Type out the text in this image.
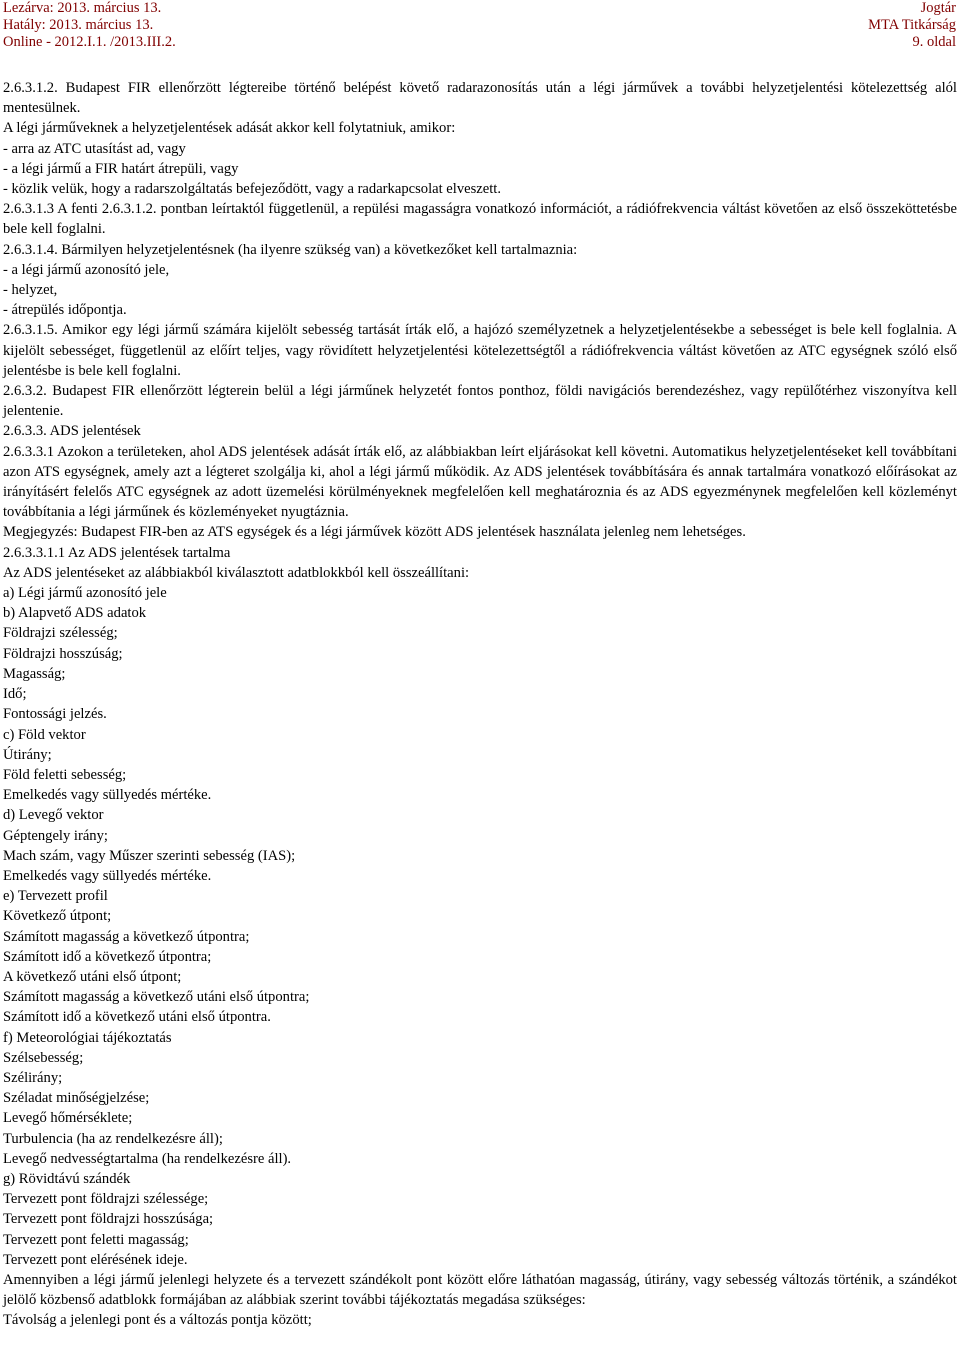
Lezárva: 2013. március 13.
Hatály: 2013. március 13.
Online - 2012.I.1. /2013.III.2.
Jogtár
MTA Titkárság
9. oldal

2.6.3.1.2. Budapest FIR ellenőrzött légtereibe történő belépést követő radarazonosítás után a légi járművek a további helyzetjelentési kötelezettség alól mentesülnek.

A légi járműveknek a helyzetjelentések adását akkor kell folytatniuk, amikor:

- arra az ATC utasítást ad, vagy

- a légi jármű a FIR határt átrepüli, vagy

- közlik velük, hogy a radarszolgáltatás befejeződött, vagy a radarkapcsolat elveszett.

2.6.3.1.3 A fenti 2.6.3.1.2. pontban leírtaktól függetlenül, a repülési magasságra vonatkozó információt, a rádiófrekvencia váltást követően az első összeköttetésbe bele kell foglalni.

2.6.3.1.4. Bármilyen helyzetjelentésnek (ha ilyenre szükség van) a következőket kell tartalmaznia:

- a légi jármű azonosító jele,

- helyzet,

- átrepülés időpontja.

2.6.3.1.5. Amikor egy légi jármű számára kijelölt sebesség tartását írták elő, a hajózó személyzetnek a helyzetjelentésekbe a sebességet is bele kell foglalnia. A kijelölt sebességet, függetlenül az előírt teljes, vagy rövidített helyzetjelentési kötelezettségtől a rádiófrekvencia váltást követően az ATC egységnek szóló első jelentésbe is bele kell foglalni.

2.6.3.2. Budapest FIR ellenőrzött légterein belül a légi járműnek helyzetét fontos ponthoz, földi navigációs berendezéshez, vagy repülőtérhez viszonyítva kell jelentenie.

2.6.3.3. ADS jelentések

2.6.3.3.1 Azokon a területeken, ahol ADS jelentések adását írták elő, az alábbiakban leírt eljárásokat kell követni. Automatikus helyzetjelentéseket kell továbbítani azon ATS egységnek, amely azt a légteret szolgálja ki, ahol a légi jármű működik. Az ADS jelentések továbbítására és annak tartalmára vonatkozó előírásokat az irányításért felelős ATC egységnek az adott üzemelési körülményeknek megfelelően kell meghatároznia és az ADS egyezménynek megfelelően kell közleményt továbbítania a légi járműnek és közleményeket nyugtáznia.

Megjegyzés: Budapest FIR-ben az ATS egységek és a légi járművek között ADS jelentések használata jelenleg nem lehetséges.

2.6.3.3.1.1 Az ADS jelentések tartalma

Az ADS jelentéseket az alábbiakból kiválasztott adatblokkból kell összeállítani:

a) Légi jármű azonosító jele

b) Alapvető ADS adatok

Földrajzi szélesség;

Földrajzi hosszúság;

Magasság;

Idő;

Fontossági jelzés.

c) Föld vektor

Útirány;

Föld feletti sebesség;

Emelkedés vagy süllyedés mértéke.

d) Levegő vektor

Géptengely irány;

Mach szám, vagy Műszer szerinti sebesség (IAS);

Emelkedés vagy süllyedés mértéke.

e) Tervezett profil

Következő útpont;

Számított magasság a következő útpontra;

Számított idő a következő útpontra;

A következő utáni első útpont;

Számított magasság a következő utáni első útpontra;

Számított idő a következő utáni első útpontra.

f) Meteorológiai tájékoztatás

Szélsebesség;

Szélirány;

Széladat minőségjelzése;

Levegő hőmérséklete;

Turbulencia (ha az rendelkezésre áll);

Levegő nedvességtartalma (ha rendelkezésre áll).

g) Rövidtávú szándék

Tervezett pont földrajzi szélessége;

Tervezett pont földrajzi hosszúsága;

Tervezett pont feletti magasság;

Tervezett pont elérésének ideje.

Amennyiben a légi jármű jelenlegi helyzete és a tervezett szándékolt pont között előre láthatóan magasság, útirány, vagy sebesség változás történik, a szándékot jelölő közbenső adatblokk formájában az alábbiak szerint további tájékoztatás megadása szükséges:

Távolság a jelenlegi pont és a változás pontja között;
